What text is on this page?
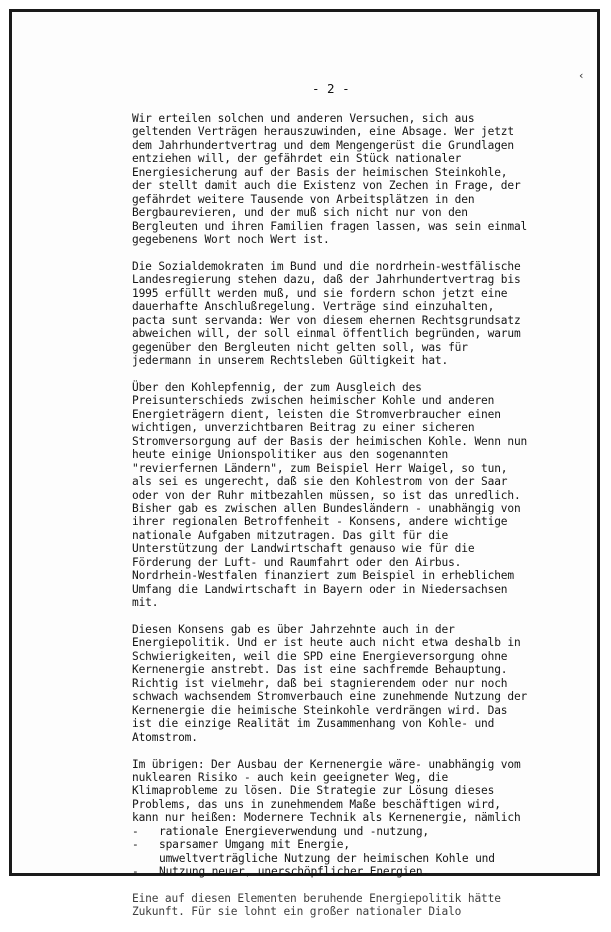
- 2 -
‹

Wir erteilen solchen und anderen Versuchen, sich aus
geltenden Verträgen herauszuwinden, eine Absage. Wer jetzt
dem Jahrhundertvertrag und dem Mengengerüst die Grundlagen
entziehen will, der gefährdet ein Stück nationaler
Energiesicherung auf der Basis der heimischen Steinkohle,
der stellt damit auch die Existenz von Zechen in Frage, der
gefährdet weitere Tausende von Arbeitsplätzen in den
Bergbaurevieren, und der muß sich nicht nur von den
Bergleuten und ihren Familien fragen lassen, was sein einmal
gegebenens Wort noch Wert ist.

Die Sozialdemokraten im Bund und die nordrhein-westfälische
Landesregierung stehen dazu, daß der Jahrhundertvertrag bis
1995 erfüllt werden muß, und sie fordern schon jetzt eine
dauerhafte Anschlußregelung. Verträge sind einzuhalten,
pacta sunt servanda: Wer von diesem ehernen Rechtsgrundsatz
abweichen will, der soll einmal öffentlich begründen, warum
gegenüber den Bergleuten nicht gelten soll, was für
jedermann in unserem Rechtsleben Gültigkeit hat.

Über den Kohlepfennig, der zum Ausgleich des
Preisunterschieds zwischen heimischer Kohle und anderen
Energieträgern dient, leisten die Stromverbraucher einen
wichtigen, unverzichtbaren Beitrag zu einer sicheren
Stromversorgung auf der Basis der heimischen Kohle. Wenn nun
heute einige Unionspolitiker aus den sogenannten
"revierfernen Ländern", zum Beispiel Herr Waigel, so tun,
als sei es ungerecht, daß sie den Kohlestrom von der Saar
oder von der Ruhr mitbezahlen müssen, so ist das unredlich.
Bisher gab es zwischen allen Bundesländern - unabhängig von
ihrer regionalen Betroffenheit - Konsens, andere wichtige
nationale Aufgaben mitzutragen. Das gilt für die
Unterstützung der Landwirtschaft genauso wie für die
Förderung der Luft- und Raumfahrt oder den Airbus.
Nordrhein-Westfalen finanziert zum Beispiel in erheblichem
Umfang die Landwirtschaft in Bayern oder in Niedersachsen
mit.

Diesen Konsens gab es über Jahrzehnte auch in der
Energiepolitik. Und er ist heute auch nicht etwa deshalb in
Schwierigkeiten, weil die SPD eine Energieversorgung ohne
Kernenergie anstrebt. Das ist eine sachfremde Behauptung.
Richtig ist vielmehr, daß bei stagnierendem oder nur noch
schwach wachsendem Stromverbauch eine zunehmende Nutzung der
Kernenergie die heimische Steinkohle verdrängen wird. Das
ist die einzige Realität im Zusammenhang von Kohle- und
Atomstrom.

Im übrigen: Der Ausbau der Kernenergie wäre- unabhängig vom
nuklearen Risiko - auch kein geeigneter Weg, die
Klimaprobleme zu lösen. Die Strategie zur Lösung dieses
Problems, das uns in zunehmendem Maße beschäftigen wird,
kann nur heißen: Modernere Technik als Kernenergie, nämlich
- rationale Energieverwendung und -nutzung,
- sparsamer Umgang mit Energie,
umweltverträgliche Nutzung der heimischen Kohle und
- Nutzung neuer, unerschöpflicher Energien.

Eine auf diesen Elementen beruhende Energiepolitik hätte
Zukunft. Für sie lohnt ein großer nationaler Dialo
